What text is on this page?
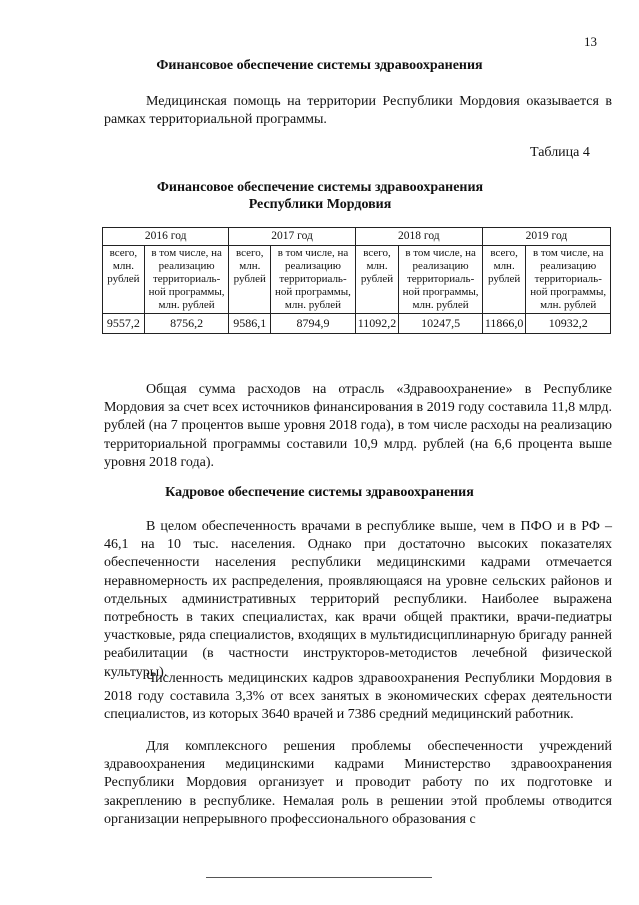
13
Финансовое обеспечение системы здравоохранения
Медицинская помощь на территории Республики Мордовия оказывается в рамках территориальной программы.
Таблица 4
Финансовое обеспечение системы здравоохранения Республики Мордовия
2016 год		2017 год		2018 год		2019 год	
всего, млн. рублей	в том числе, на реализацию территориаль-ной программы, млн. рублей	всего, млн. рублей	в том числе, на реализацию территориаль-ной программы, млн. рублей	всего, млн. рублей	в том числе, на реализацию территориаль-ной программы, млн. рублей	всего, млн. рублей	в том числе, на реализацию территориаль-ной программы, млн. рублей
9557,2	8756,2	9586,1	8794,9	11092,2	10247,5	11866,0	10932,2
Общая сумма расходов на отрасль «Здравоохранение» в Республике Мордовия за счет всех источников финансирования в 2019 году составила 11,8 млрд. рублей (на 7 процентов выше уровня 2018 года), в том числе расходы на реализацию территориальной программы составили 10,9 млрд. рублей (на 6,6 процента выше уровня 2018 года).
Кадровое обеспечение системы здравоохранения
В целом обеспеченность врачами в республике выше, чем в ПФО и в РФ – 46,1 на 10 тыс. населения. Однако при достаточно высоких показателях обеспеченности населения республики медицинскими кадрами отмечается неравномерность их распределения, проявляющаяся на уровне сельских районов и отдельных административных территорий республики. Наиболее выражена потребность в таких специалистах, как врачи общей практики, врачи-педиатры участковые, ряда специалистов, входящих в мультидисциплинарную бригаду ранней реабилитации (в частности инструкторов-методистов лечебной физической культуры).
Численность медицинских кадров здравоохранения Республики Мордовия в 2018 году составила 3,3% от всех занятых в экономических сферах деятельности специалистов, из которых 3640 врачей и 7386 средний медицинский работник.
Для комплексного решения проблемы обеспеченности учреждений здравоохранения медицинскими кадрами Министерство здравоохранения Республики Мордовия организует и проводит работу по их подготовке и закреплению в республике. Немалая роль в решении этой проблемы отводится организации непрерывного профессионального образования с
